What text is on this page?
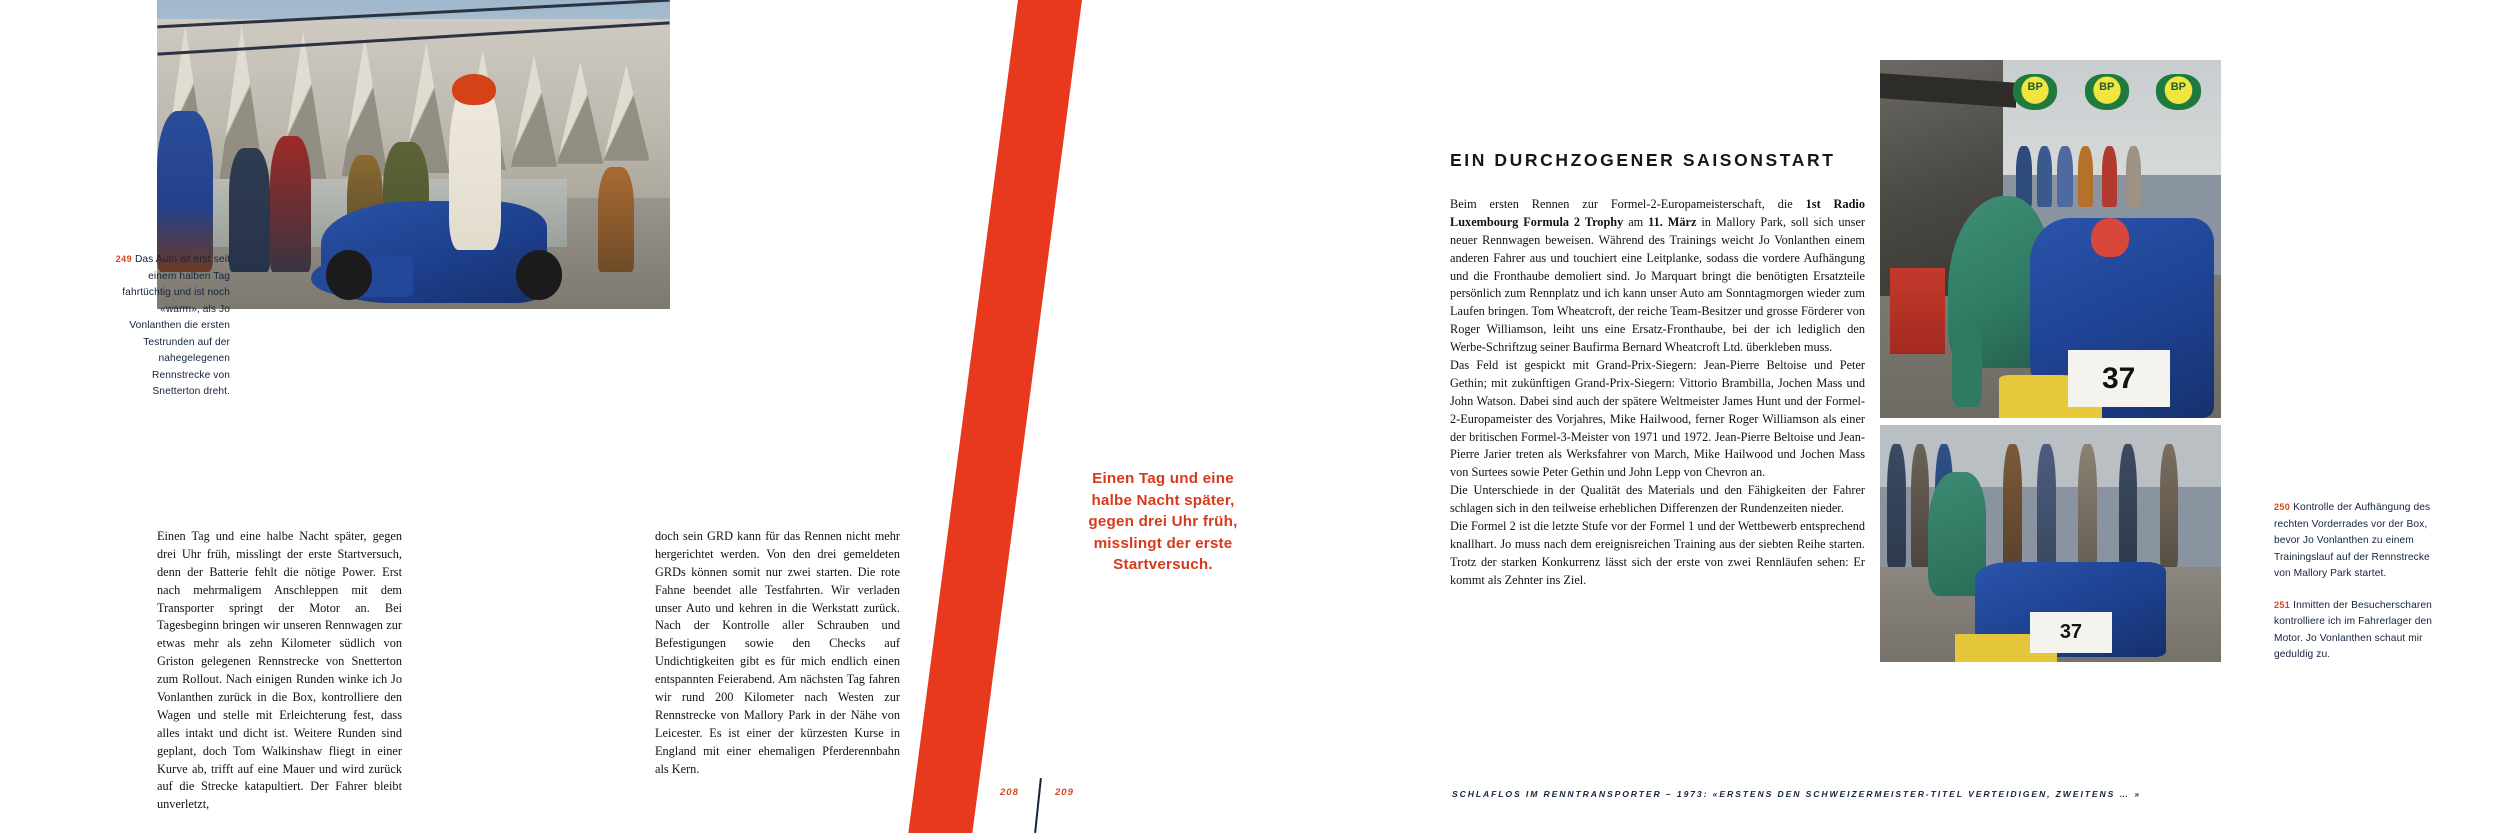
249 Das Auto ist erst seit einem halben Tag fahrtüchtig und ist noch «warm», als Jo Vonlanthen die ersten Testrunden auf der nahegelegenen Rennstrecke von Snetterton dreht.
Einen Tag und eine halbe Nacht später, gegen drei Uhr früh, misslingt der erste Startversuch, denn der Batterie fehlt die nötige Power. Erst nach mehrmaligem Anschleppen mit dem Transporter springt der Motor an. Bei Tagesbeginn bringen wir unseren Rennwagen zur etwas mehr als zehn Kilometer südlich von Griston gelegenen Rennstrecke von Snetterton zum Rollout. Nach einigen Runden winke ich Jo Vonlanthen zurück in die Box, kontrolliere den Wagen und stelle mit Erleichterung fest, dass alles intakt und dicht ist. Weitere Runden sind geplant, doch Tom Walkinshaw fliegt in einer Kurve ab, trifft auf eine Mauer und wird zurück auf die Strecke katapultiert. Der Fahrer bleibt unverletzt,
doch sein GRD kann für das Rennen nicht mehr hergerichtet werden. Von den drei gemeldeten GRDs können somit nur zwei starten. Die rote Fahne beendet alle Testfahrten. Wir verladen unser Auto und kehren in die Werkstatt zurück. Nach der Kontrolle aller Schrauben und Befestigungen sowie den Checks auf Undichtigkeiten gibt es für mich endlich einen entspannten Feierabend. Am nächsten Tag fahren wir rund 200 Kilometer nach Westen zur Rennstrecke von Mallory Park in der Nähe von Leicester. Es ist einer der kürzesten Kurse in England mit einer ehemaligen Pferderennbahn als Kern.
Einen Tag und eine halbe Nacht später, gegen drei Uhr früh, misslingt der erste Startversuch.
EIN DURCHZOGENER SAISONSTART

Beim ersten Rennen zur Formel-2-Europameisterschaft, die 1st Radio Luxembourg Formula 2 Trophy am 11. März in Mallory Park, soll sich unser neuer Rennwagen beweisen. Während des Trainings weicht Jo Vonlanthen einem anderen Fahrer aus und touchiert eine Leitplanke, sodass die vordere Aufhängung und die Fronthaube demoliert sind. Jo Marquart bringt die benötigten Ersatzteile persönlich zum Rennplatz und ich kann unser Auto am Sonntagmorgen wieder zum Laufen bringen. Tom Wheatcroft, der reiche Team-Besitzer und grosse Förderer von Roger Williamson, leiht uns eine Ersatz-Fronthaube, bei der ich lediglich den Werbe-Schriftzug seiner Baufirma Bernard Wheatcroft Ltd. überkleben muss.

Das Feld ist gespickt mit Grand-Prix-Siegern: Jean-Pierre Beltoise und Peter Gethin; mit zukünftigen Grand-Prix-Siegern: Vittorio Brambilla, Jochen Mass und John Watson. Dabei sind auch der spätere Weltmeister James Hunt und der Formel-2-Europameister des Vorjahres, Mike Hailwood, ferner Roger Williamson als einer der britischen Formel-3-Meister von 1971 und 1972. Jean-Pierre Beltoise und Jean-Pierre Jarier treten als Werksfahrer von March, Mike Hailwood und Jochen Mass von Surtees sowie Peter Gethin und John Lepp von Chevron an.

Die Unterschiede in der Qualität des Materials und den Fähigkeiten der Fahrer schlagen sich in den teilweise erheblichen Differenzen der Rundenzeiten nieder.

Die Formel 2 ist die letzte Stufe vor der Formel 1 und der Wettbewerb entsprechend knallhart. Jo muss nach dem ereignisreichen Training aus der siebten Reihe starten. Trotz der starken Konkurrenz lässt sich der erste von zwei Rennläufen sehen: Er kommt als Zehnter ins Ziel.

BP	BP	BP
37
37
250 Kontrolle der Aufhängung des rechten Vorderrades vor der Box, bevor Jo Vonlanthen zu einem Trainingslauf auf der Rennstrecke von Mallory Park startet.
251 Inmitten der Besucherscharen kontrolliere ich im Fahrerlager den Motor. Jo Vonlanthen schaut mir geduldig zu.
208	209	SCHLAFLOS IM RENNTRANSPORTER – 1973: «ERSTENS DEN SCHWEIZERMEISTER-TITEL VERTEIDIGEN, ZWEITENS … »
